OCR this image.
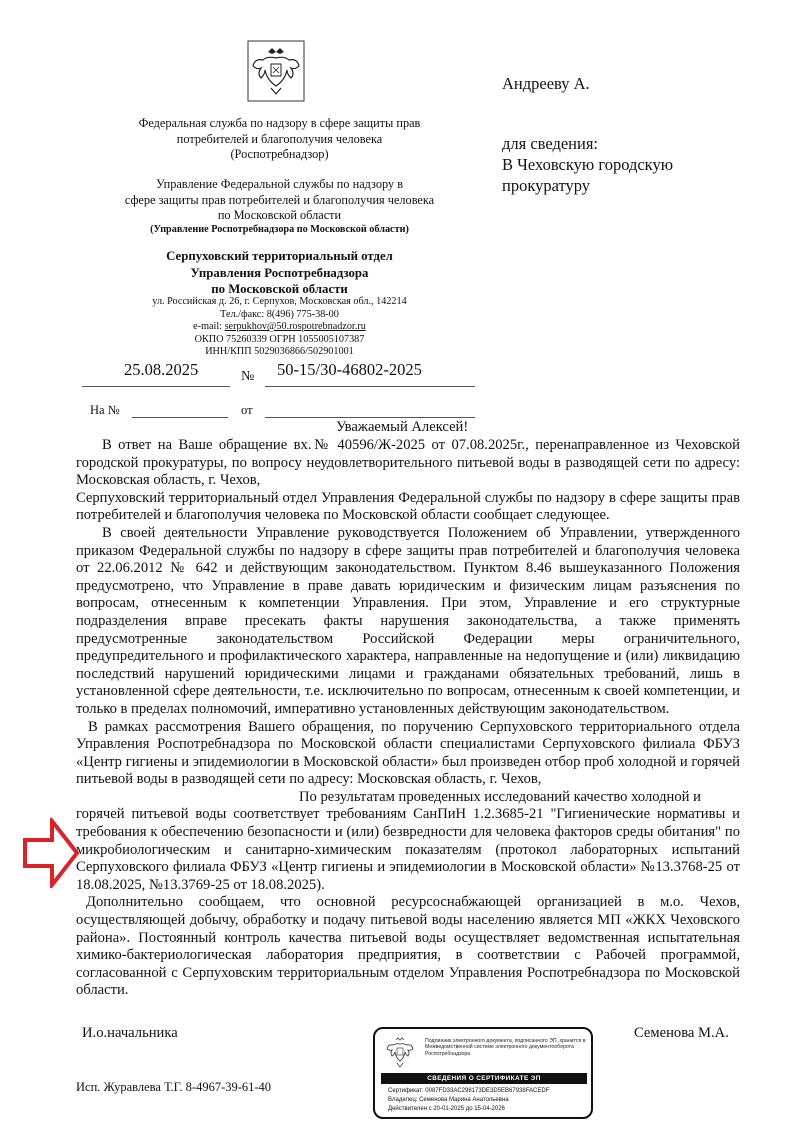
Федеральная служба по надзору в сфере защиты прав
потребителей и благополучия человека
(Роспотребнадзор)
Управление Федеральной службы по надзору в
сфере защиты прав потребителей и благополучия человека
по Московской области
(Управление Роспотребнадзора по Московской области)
Серпуховский территориальный отдел
Управления Роспотребнадзора
по Московской области
ул. Российская д. 26, г. Серпухов, Московская обл., 142214
Тел./факс: 8(496) 775-38-00
e-mail: serpukhov@50.rospotrebnadzor.ru
ОКПО 75260339 ОГРН 1055005107387
ИНН/КПП 5029036866/502901001
Андрееву А.
для сведения:
В Чеховскую городскую
прокуратуру
25.08.2025	№ 50-15/30-46802-2025
На №	от
Уважаемый Алексей!

В ответ на Ваше обращение вх.№ 40596/Ж-2025 от 07.08.2025г., перенаправленное из Чеховской городской прокуратуры, по вопросу неудовлетворительного питьевой воды в разводящей сети по адресу: Московская область, г. Чехов,

Серпуховский территориальный отдел Управления Федеральной службы по надзору в сфере защиты прав потребителей и благополучия человека по Московской области сообщает следующее.

В своей деятельности Управление руководствуется Положением об Управлении, утвержденного приказом Федеральной службы по надзору в сфере защиты прав потребителей и благополучия человека от 22.06.2012 № 642 и действующим законодательством. Пунктом 8.46 вышеуказанного Положения предусмотрено, что Управление в праве давать юридическим и физическим лицам разъяснения по вопросам, отнесенным к компетенции Управления. При этом, Управление и его структурные подразделения вправе пресекать факты нарушения законодательства, а также применять предусмотренные законодательством Российской Федерации меры ограничительного, предупредительного и профилактического характера, направленные на недопущение и (или) ликвидацию последствий нарушений юридическими лицами и гражданами обязательных требований, лишь в установленной сфере деятельности, т.е. исключительно по вопросам, отнесенным к своей компетенции, и только в пределах полномочий, императивно установленных действующим законодательством.

В рамках рассмотрения Вашего обращения, по поручению Серпуховского территориального отдела Управления Роспотребнадзора по Московской области специалистами Серпуховского филиала ФБУЗ «Центр гигиены и эпидемиологии в Московской области» был произведен отбор проб холодной и горячей питьевой воды в разводящей сети по адресу: Московская область, г. Чехов,

По результатам проведенных исследований качество холодной и

горячей питьевой воды соответствует требованиям СанПиН 1.2.3685-21 "Гигиенические нормативы и требования к обеспечению безопасности и (или) безвредности для человека факторов среды обитания" по микробиологическим и санитарно-химическим показателям (протокол лабораторных испытаний Серпуховского филиала ФБУЗ «Центр гигиены и эпидемиологии в Московской области» №13.3768-25 от 18.08.2025, №13.3769-25 от 18.08.2025).

Дополнительно сообщаем, что основной ресурсоснабжающей организацией в м.о. Чехов, осуществляющей добычу, обработку и подачу питьевой воды населению является МП «ЖКХ Чеховского района». Постоянный контроль качества питьевой воды осуществляет ведомственная испытательная химико-бактериологическая лаборатория предприятия, в соответствии с Рабочей программой, согласованной с Серпуховским территориальным отделом Управления Роспотребнадзора по Московской области.

И.о.начальника	Семенова М.А.
Исп. Журавлева Т.Г. 8-4967-39-61-40
Подлинник электронного документа, подписанного ЭП, хранится в Межведомственной системе электронного документооборота Роспотребнадзора
СВЕДЕНИЯ О СЕРТИФИКАТЕ ЭП
Сертификат: 0087FD33AC298173DE3D5EB67938FACEDF
Владелец: Семенова Марина Анатольевна
Действителен с 20-01-2025 до 15-04-2026
